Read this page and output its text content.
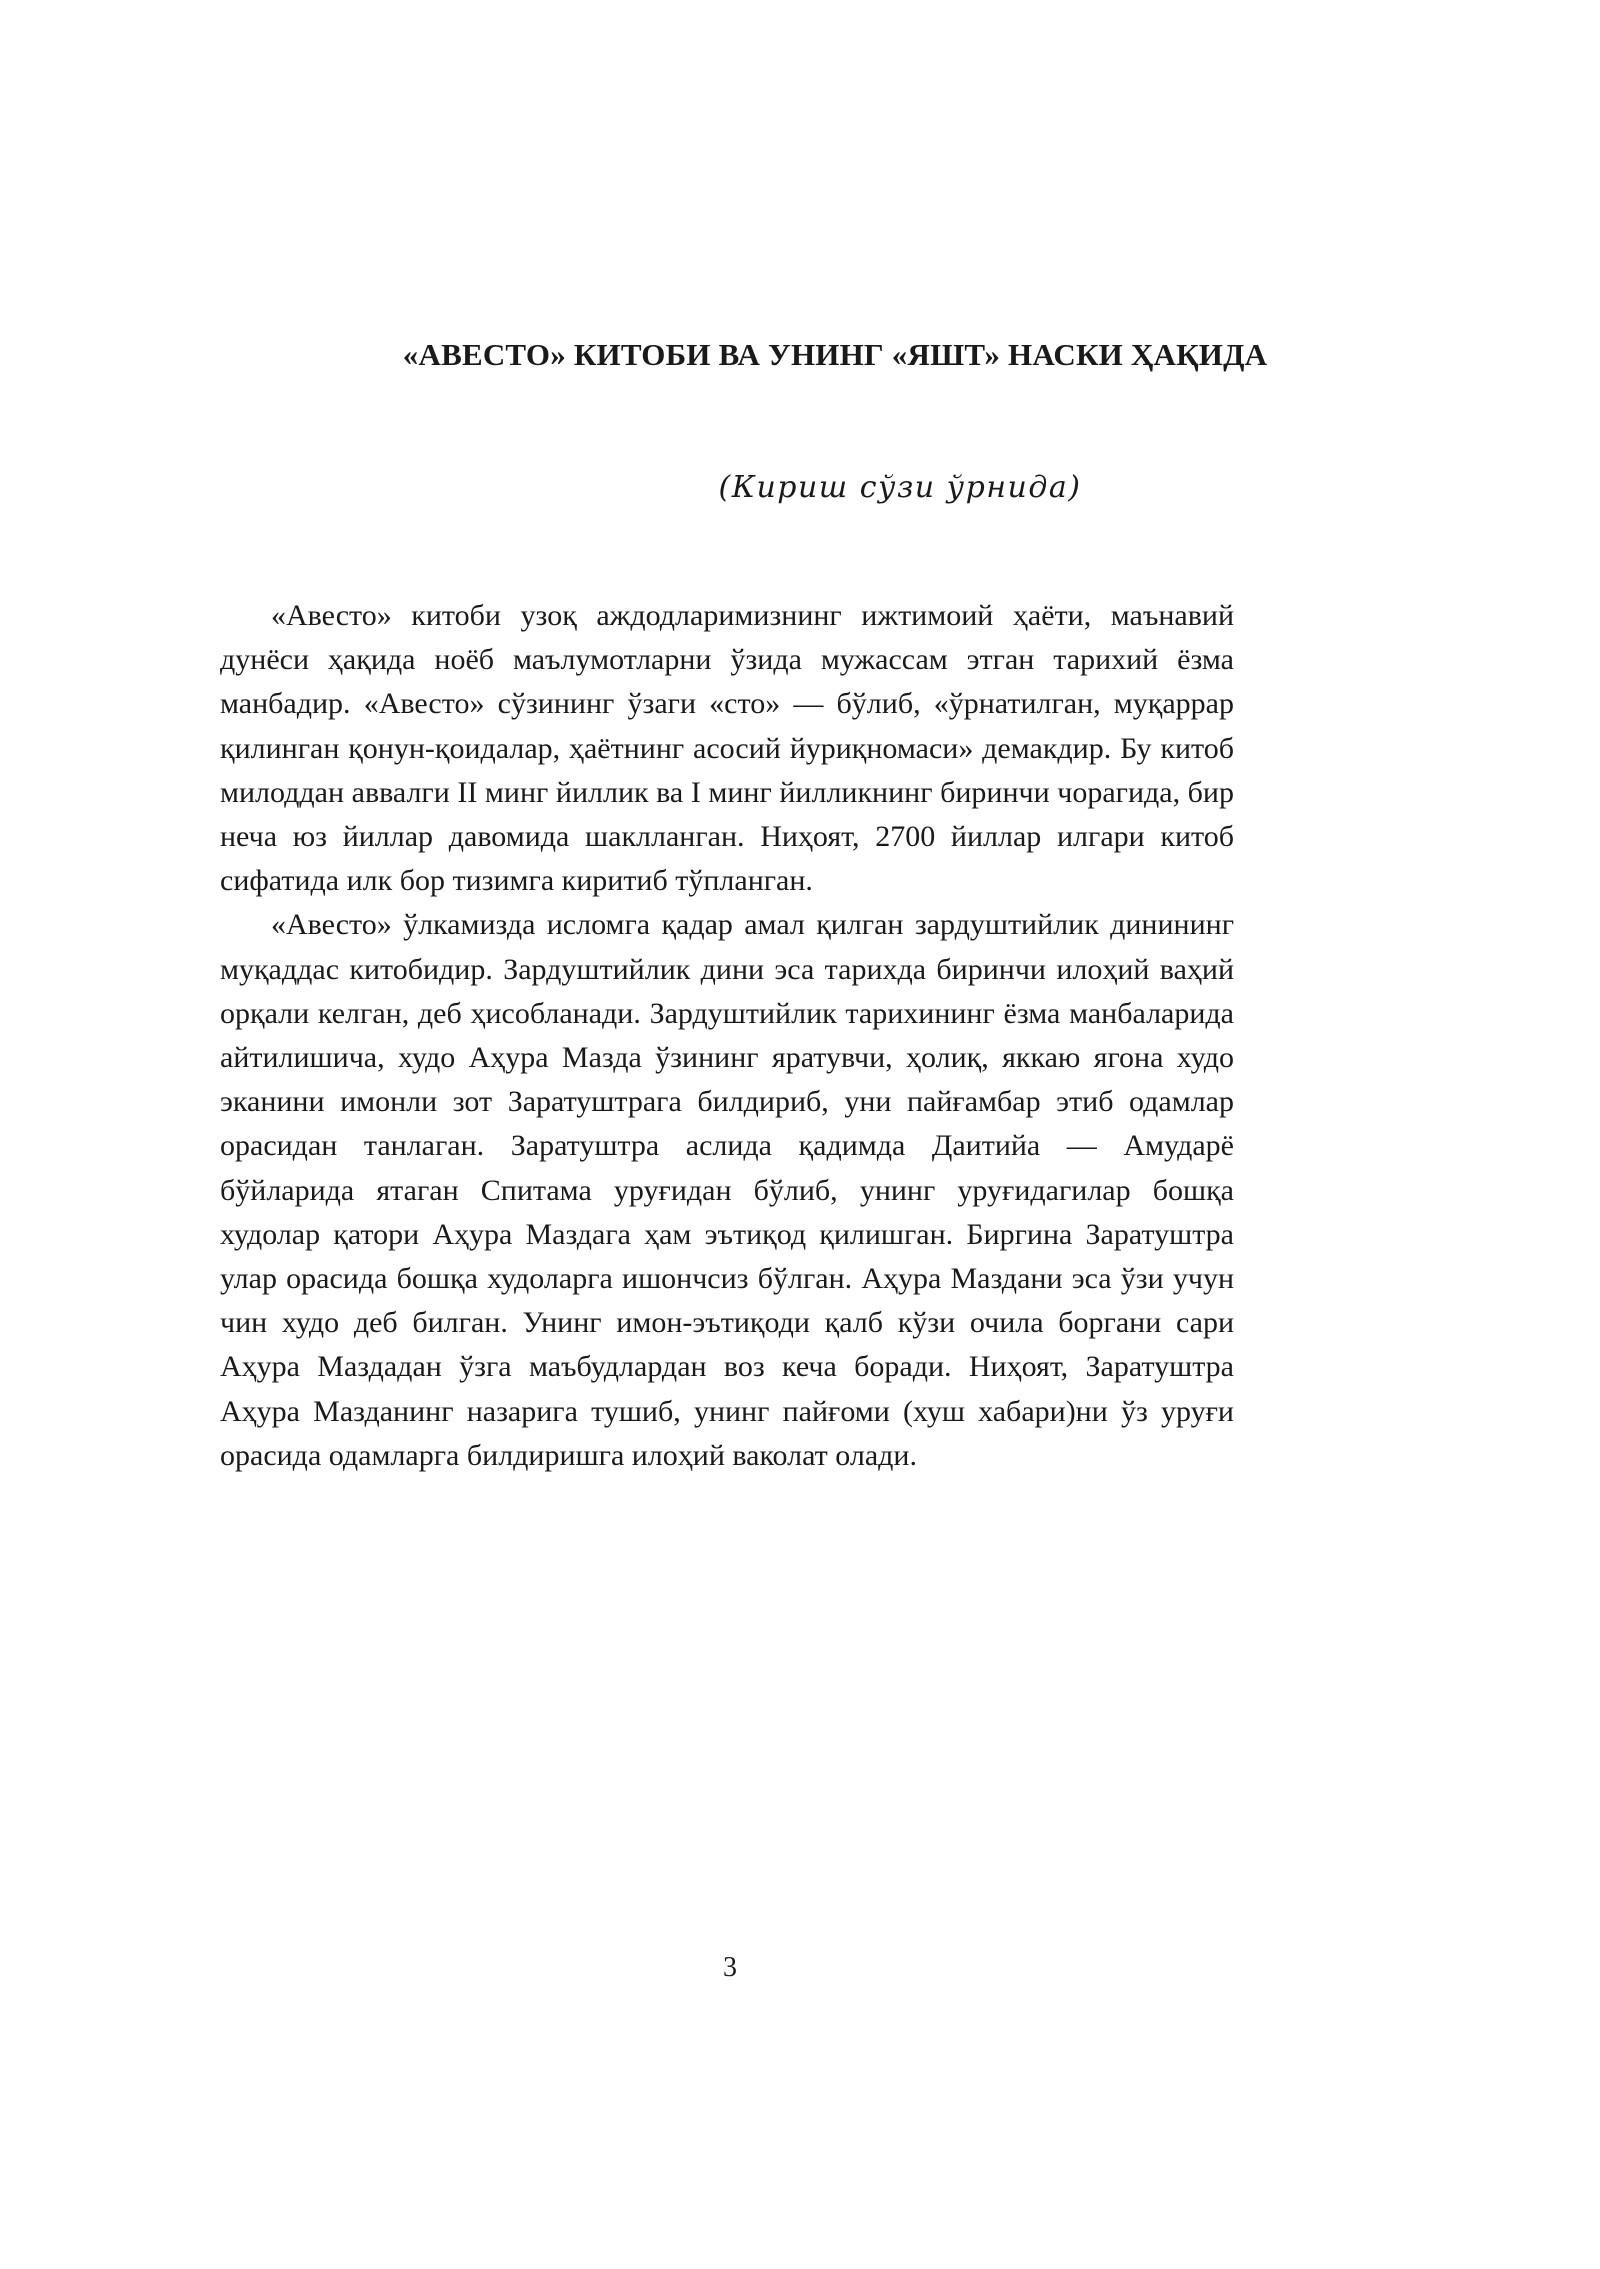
«АВЕСТО» КИТОБИ ВА УНИНГ «ЯШТ» НАСКИ ҲАҚИДА
(Кириш сўзи ўрнида)

«Авесто» китоби узоқ аждодларимизнинг ижтимоий ҳаёти, маънавий дунёси ҳақида ноёб маълумотларни ўзида мужассам этган тарихий ёзма манбадир. «Авесто» сўзининг ўзаги «сто» — бўлиб, «ўрнатилган, муқаррар қилинган қонун-қоидалар, ҳаётнинг асосий йуриқномаси» демакдир. Бу китоб милоддан аввалги II минг йиллик ва I минг йилликнинг биринчи чорагида, бир неча юз йиллар давомида шаклланган. Ниҳоят, 2700 йиллар илгари китоб сифатида илк бор тизимга киритиб тўпланган.

«Авесто» ўлкамизда исломга қадар амал қилган зардуштийлик динининг муқаддас китобидир. Зардуштийлик дини эса тарихда биринчи илоҳий ваҳий орқали келган, деб ҳисобланади. Зардуштийлик тарихининг ёзма манбаларида айтилишича, худо Аҳура Мазда ўзининг яратувчи, ҳолиқ, яккаю ягона худо эканини имонли зот Заратуштрага билдириб, уни пайғамбар этиб одамлар орасидан танлаган. Заратуштра аслида қадимда Даитийа — Амударё бўйларида ятаган Спитама уруғидан бўлиб, унинг уруғидагилар бошқа худолар қатори Аҳура Маздага ҳам эътиқод қилишган. Биргина Заратуштра улар орасида бошқа худоларга ишончсиз бўлган. Аҳура Маздани эса ўзи учун чин худо деб билган. Унинг имон-эътиқоди қалб кўзи очила боргани сари Аҳура Маздадан ўзга маъбудлардан воз кеча боради. Ниҳоят, Заратуштра Аҳура Мазданинг назарига тушиб, унинг пайғоми (хуш хабари)ни ўз уруғи орасида одамларга билдиришга илоҳий ваколат олади.

3
